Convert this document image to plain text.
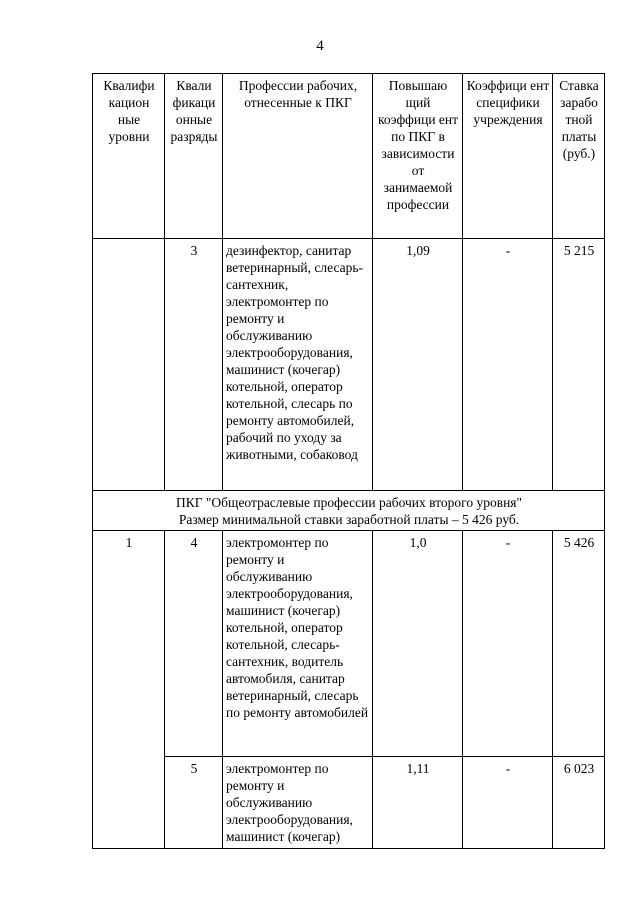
4
Квалифи кацион ные уровни	Квали фикаци онные разряды	Профессии рабочих, отнесенные к ПКГ	Повышаю щий коэффици ент по ПКГ в зависимости от занимаемой профессии	Коэффици ент специфики учреждения	Ставка зарабо тной платы (руб.)
	3	дезинфектор, санитар ветеринарный, слесарь-сантехник, электромонтер по ремонту и обслуживанию электрооборудования, машинист (кочегар) котельной, оператор котельной, слесарь по ремонту автомобилей, рабочий по уходу за животными, собаковод	1,09	-	5 215

ПКГ "Общеотраслевые профессии рабочих второго уровня"
Размер минимальной ставки заработной платы – 5 426 руб.					

1	4	электромонтер по ремонту и обслуживанию электрооборудования, машинист (кочегар) котельной, оператор котельной, слесарь-сантехник, водитель автомобиля, санитар ветеринарный, слесарь по ремонту автомобилей	1,0	-	5 426
	5	электромонтер по ремонту и обслуживанию электрооборудования, машинист (кочегар)	1,11	-	6 023
